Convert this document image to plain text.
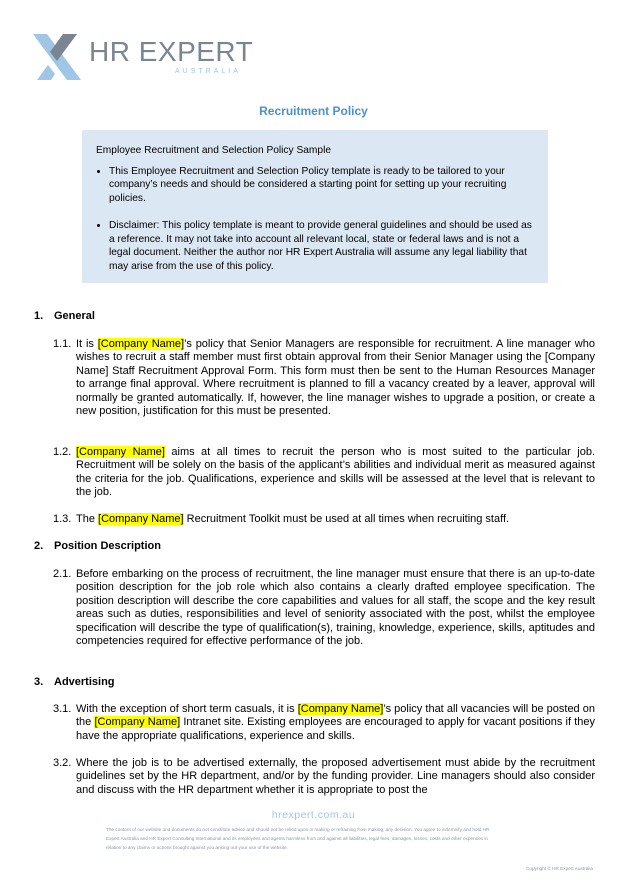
HR EXPERT
AUSTRALIA
Recruitment Policy

Employee Recruitment and Selection Policy Sample

• This Employee Recruitment and Selection Policy template is ready to be tailored to your company’s needs and should be considered a starting point for setting up your recruiting policies.
• Disclaimer: This policy template is meant to provide general guidelines and should be used as a reference. It may not take into account all relevant local, state or federal laws and is not a legal document. Neither the author nor HR Expert Australia will assume any legal liability that may arise from the use of this policy.
1. General
1.1. It is [Company Name]’s policy that Senior Managers are responsible for recruitment. A line manager who wishes to recruit a staff member must first obtain approval from their Senior Manager using the [Company Name] Staff Recruitment Approval Form. This form must then be sent to the Human Resources Manager to arrange final approval. Where recruitment is planned to fill a vacancy created by a leaver, approval will normally be granted automatically. If, however, the line manager wishes to upgrade a position, or create a new position, justification for this must be presented.
1.2. [Company Name] aims at all times to recruit the person who is most suited to the particular job. Recruitment will be solely on the basis of the applicant’s abilities and individual merit as measured against the criteria for the job. Qualifications, experience and skills will be assessed at the level that is relevant to the job.
1.3. The [Company Name] Recruitment Toolkit must be used at all times when recruiting staff.
2. Position Description
2.1. Before embarking on the process of recruitment, the line manager must ensure that there is an up-to-date position description for the job role which also contains a clearly drafted employee specification. The position description will describe the core capabilities and values for all staff, the scope and the key result areas such as duties, responsibilities and level of seniority associated with the post, whilst the employee specification will describe the type of qualification(s), training, knowledge, experience, skills, aptitudes and competencies required for effective performance of the job.
3. Advertising
3.1. With the exception of short term casuals, it is [Company Name]’s policy that all vacancies will be posted on the [Company Name] Intranet site. Existing employees are encouraged to apply for vacant positions if they have the appropriate qualifications, experience and skills.
3.2. Where the job is to be advertised externally, the proposed advertisement must abide by the recruitment guidelines set by the HR department, and/or by the funding provider. Line managers should also consider and discuss with the HR department whether it is appropriate to post the
hrexpert.com.au
The content of our website and documents do not constitute advice and should not be relied upon in making or refraining from making, any decision. You agree to indemnify and hold HR Expert Australia and HR Expert Consulting International and its employees and agents harmless from and against all liabilities, legal fees, damages, losses, costs and other expenses in relation to any claims or actions brought against you arising out your use of the website.
Copyright © HR Expert Australia
